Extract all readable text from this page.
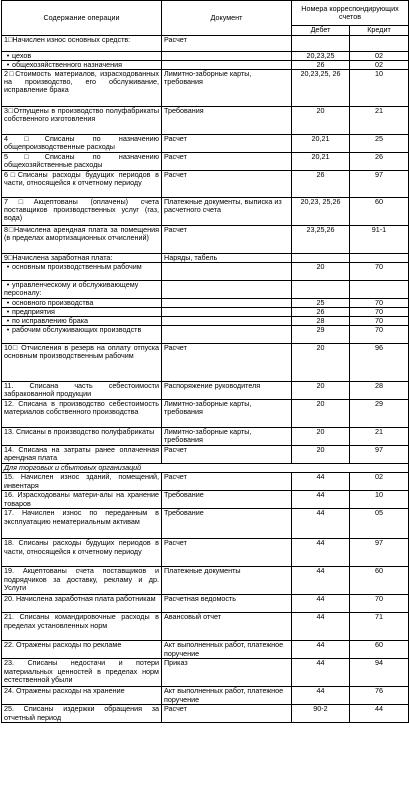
Содержание операции	Документ	Номера корреспондирующих счетов	
		Дебет	Кредит
1□Начислен износ основных средств:	Расчет		
• цехов		20,23,25	02
• общехозяйственного назначения		26	02
2□Стоимость материалов, израсходованных на производство, его обслуживание, исправление брака	Лимитно-заборные карты, требования	20,23,25, 26	10
3□Отпущены в производство полуфабрикаты собственного изготовления	Требования	20	21
4□Списаны по назначению общепроизводственные расходы	Расчет	20,21	25
5□Списаны по назначению общехозяйственные расходы	Расчет	20,21	26
6□Списаны расходы будущих периодов в части, относящейся к отчетному периоду	Расчет	26	97
7□Акцептованы (оплачены) счета поставщиков производственных услуг (газ, вода)	Платежные документы, выписка из расчетного счета	20,23, 25,26	60
8□Начислена арендная плата за помещения (в пределах амортизационных отчислений)	Расчет	23,25,26	91-1
9□Начислена заработная плата:	Наряды, табель		
• основным производственным рабочим		20	70
• управленческому и обслуживающему персоналу:			
• основного производства		25	70
• предприятия		26	70
• по исправлению брака		28	70
• рабочим обслуживающих производств		29	70
10□ Отчисления в резерв на оплату отпуска основным производственным рабочим	Расчет	20	96
11. Списана часть себестоимости забракованной продукции	Распоряжение руководителя	20	28
12. Списана в производство себестоимость материалов собственного производства	Лимитно-заборные карты, требования	20	29
13. Списаны в производство полуфабрикаты	Лимитно-заборные карты, требования	20	21
14. Списана на затраты ранее оплаченная арендная плата	Расчет	20	97
Для торговых и сбытовых организаций			
15. Начислен износ зданий, помещений, инвентаря	Расчет	44	02
16. Израсходованы матери-алы на хранение товаров	Требование	44	10
17. Начислен износ по переданным в эксплуатацию нематериальным активам	Требование	44	05
18. Списаны расходы будущих периодов в части, относящейся к отчетному периоду	Расчет	44	97
19. Акцептованы счета поставщиков и подрядчиков за доставку, рекламу и др. Услуги	Платежные документы	44	60
20. Начислена заработная плата работникам	Расчетная ведомость	44	70
21. Списаны командировочные расходы в пределах установленных норм	Авансовый отчет	44	71
22. Отражены расходы по рекламе	Акт выполненных работ, платежное поручение	44	60
23. Списаны недостачи и потери материальных ценностей в пределах норм естественной убыли	Приказ	44	94
24. Отражены расходы на хранение	Акт выполненных работ, платежное поручение	44	76
25. Списаны издержки обращения за отчетный период	Расчет	90-2	44
